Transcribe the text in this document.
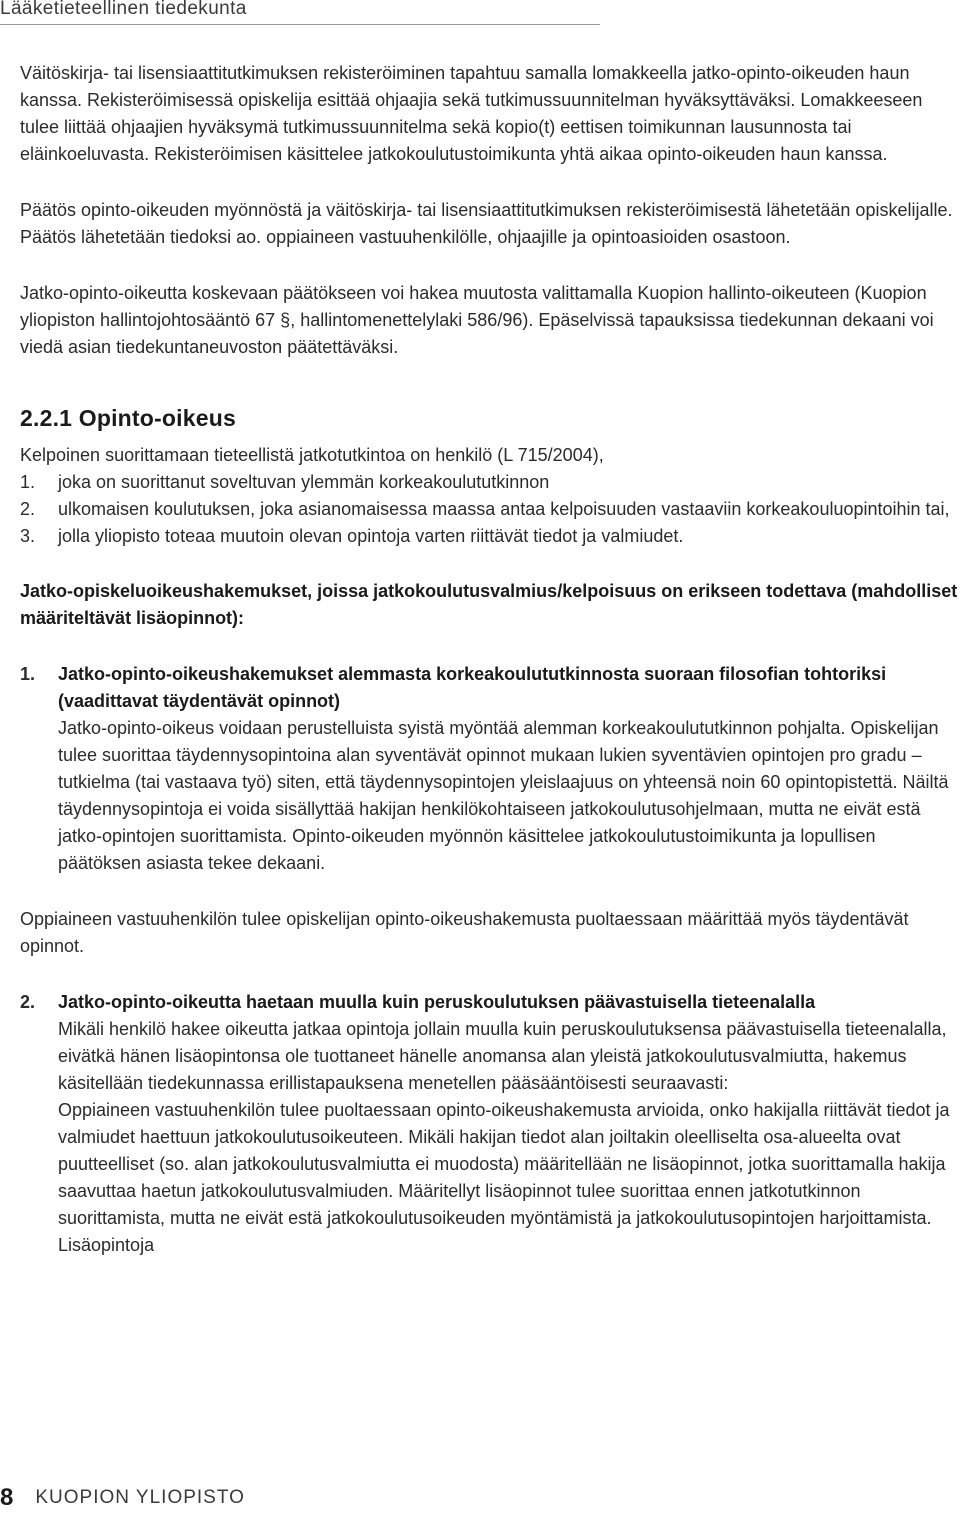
Lääketieteellinen tiedekunta

Väitöskirja- tai lisensiaattitutkimuksen rekisteröiminen tapahtuu samalla lomakkeella jatko-opinto-oikeuden haun kanssa. Rekisteröimisessä opiskelija esittää ohjaajia sekä tutkimussuunnitelman hyväksyttäväksi. Lomakkeeseen tulee liittää ohjaajien hyväksymä tutkimussuunnitelma sekä kopio(t) eettisen toimikunnan lausunnosta tai eläinkoeluvasta. Rekisteröimisen käsittelee jatkokoulutustoimikunta yhtä aikaa opinto-oikeuden haun kanssa.

Päätös opinto-oikeuden myönnöstä ja väitöskirja- tai lisensiaattitutkimuksen rekisteröimisestä lähetetään opiskelijalle. Päätös lähetetään tiedoksi ao. oppiaineen vastuuhenkilölle, ohjaajille ja opintoasioiden osastoon.

Jatko-opinto-oikeutta koskevaan päätökseen voi hakea muutosta valittamalla Kuopion hallinto-oikeuteen (Kuopion yliopiston hallintojohtosääntö 67 §, hallintomenettelylaki 586/96). Epäselvissä tapauksissa tiedekunnan dekaani voi viedä asian tiedekuntaneuvoston päätettäväksi.

2.2.1 Opinto-oikeus
Kelpoinen suorittamaan tieteellistä jatkotutkintoa on henkilö (L 715/2004),
1.	joka on suorittanut soveltuvan ylemmän korkeakoulututkinnon
2.	ulkomaisen koulutuksen, joka asianomaisessa maassa antaa kelpoisuuden vastaaviin korkeakouluopintoihin tai,
3.	jolla yliopisto toteaa muutoin olevan opintoja varten riittävät tiedot ja valmiudet.
Jatko-opiskeluoikeushakemukset, joissa jatkokoulutusvalmius/kelpoisuus on erikseen todettava (mahdolliset määriteltävät lisäopinnot):
1.	Jatko-opinto-oikeushakemukset alemmasta korkeakoulututkinnosta suoraan filosofian tohtoriksi (vaadittavat täydentävät opinnot)
Jatko-opinto-oikeus voidaan perustelluista syistä myöntää alemman korkeakoulututkinnon pohjalta. Opiskelijan tulee suorittaa täydennysopintoina alan syventävät opinnot mukaan lukien syventävien opintojen pro gradu –tutkielma (tai vastaava työ) siten, että täydennysopintojen yleislaajuus on yhteensä noin 60 opintopistettä. Näiltä täydennysopintoja ei voida sisällyttää hakijan henkilökohtaiseen jatkokoulutusohjelmaan, mutta ne eivät estä jatko-opintojen suorittamista. Opinto-oikeuden myönnön käsittelee jatkokoulutustoimikunta ja lopullisen päätöksen asiasta tekee dekaani.

Oppiaineen vastuuhenkilön tulee opiskelijan opinto-oikeushakemusta puoltaessaan määrittää myös täydentävät opinnot.

2.	Jatko-opinto-oikeutta haetaan muulla kuin peruskoulutuksen päävastuisella tieteenalalla
Mikäli henkilö hakee oikeutta jatkaa opintoja jollain muulla kuin peruskoulutuksensa päävastuisella tieteenalalla, eivätkä hänen lisäopintonsa ole tuottaneet hänelle anomansa alan yleistä jatkokoulutusvalmiutta, hakemus käsitellään tiedekunnassa erillistapauksena menetellen pääsääntöisesti seuraavasti:
Oppiaineen vastuuhenkilön tulee puoltaessaan opinto-oikeushakemusta arvioida, onko hakijalla riittävät tiedot ja valmiudet haettuun jatkokoulutusoikeuteen. Mikäli hakijan tiedot alan joiltakin oleelliselta osa-alueelta ovat puutteelliset (so. alan jatkokoulutusvalmiutta ei muodosta) määritellään ne lisäopinnot, jotka suorittamalla hakija saavuttaa haetun jatkokoulutusvalmiuden. Määritellyt lisäopinnot tulee suorittaa ennen jatkotutkinnon suorittamista, mutta ne eivät estä jatkokoulutusoikeuden myöntämistä ja jatkokoulutusopintojen harjoittamista. Lisäopintoja
8 KUOPION YLIOPISTO
